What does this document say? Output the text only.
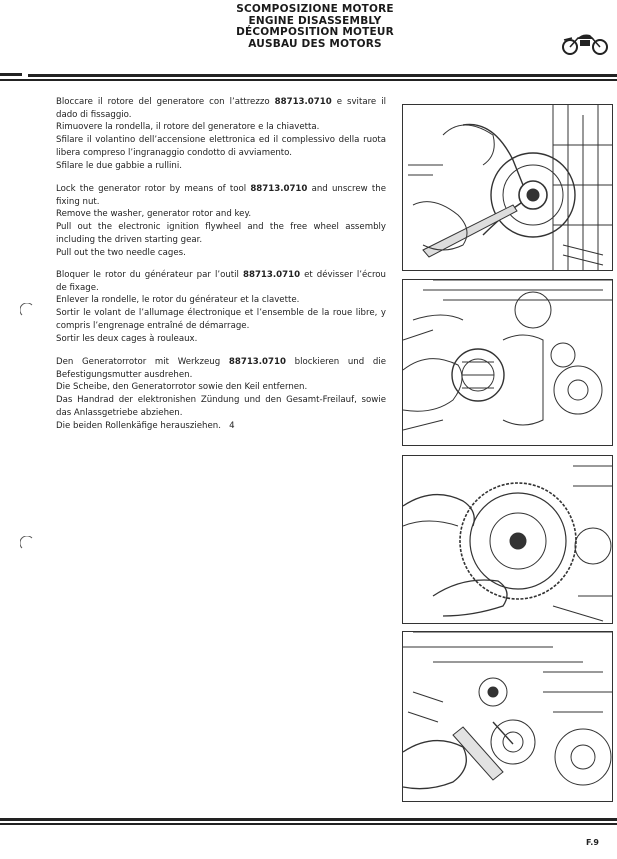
SCOMPOSIZIONE MOTORE
ENGINE DISASSEMBLY
DÉCOMPOSITION MOTEUR
AUSBAU DES MOTORS

Bloccare il rotore del generatore con l’attrezzo 88713.0710 e svitare il dado di fissaggio.

Rimuovere la rondella, il rotore del generatore e la chiavetta.

Sfilare il volantino dell’accensione elettronica ed il complessivo della ruota libera compreso l’ingranaggio condotto di avviamento.

Sfilare le due gabbie a rullini.

Lock the generator rotor by means of tool 88713.0710 and unscrew the fixing nut.

Remove the washer, generator rotor and key.

Pull out the electronic ignition flywheel and the free wheel assembly including the driven starting gear.

Pull out the two needle cages.

Bloquer le rotor du générateur par l’outil 88713.0710 et dévisser l’écrou de fixage.

Enlever la rondelle, le rotor du générateur et la clavette.

Sortir le volant de l’allumage électronique et l’ensemble de la roue libre, y compris l’engrenage entraîné de démarrage.

Sortir les deux cages à rouleaux.

Den Generatorrotor mit Werkzeug 88713.0710 blockieren und die Befestigungsmutter ausdrehen.

Die Scheibe, den Generatorrotor sowie den Keil entfernen.

Das Handrad der elektronishen Zündung und den Gesamt-Freilauf, sowie das Anlassgetriebe abziehen.

Die beiden Rollenkäfige herausziehen. 4

F.9
